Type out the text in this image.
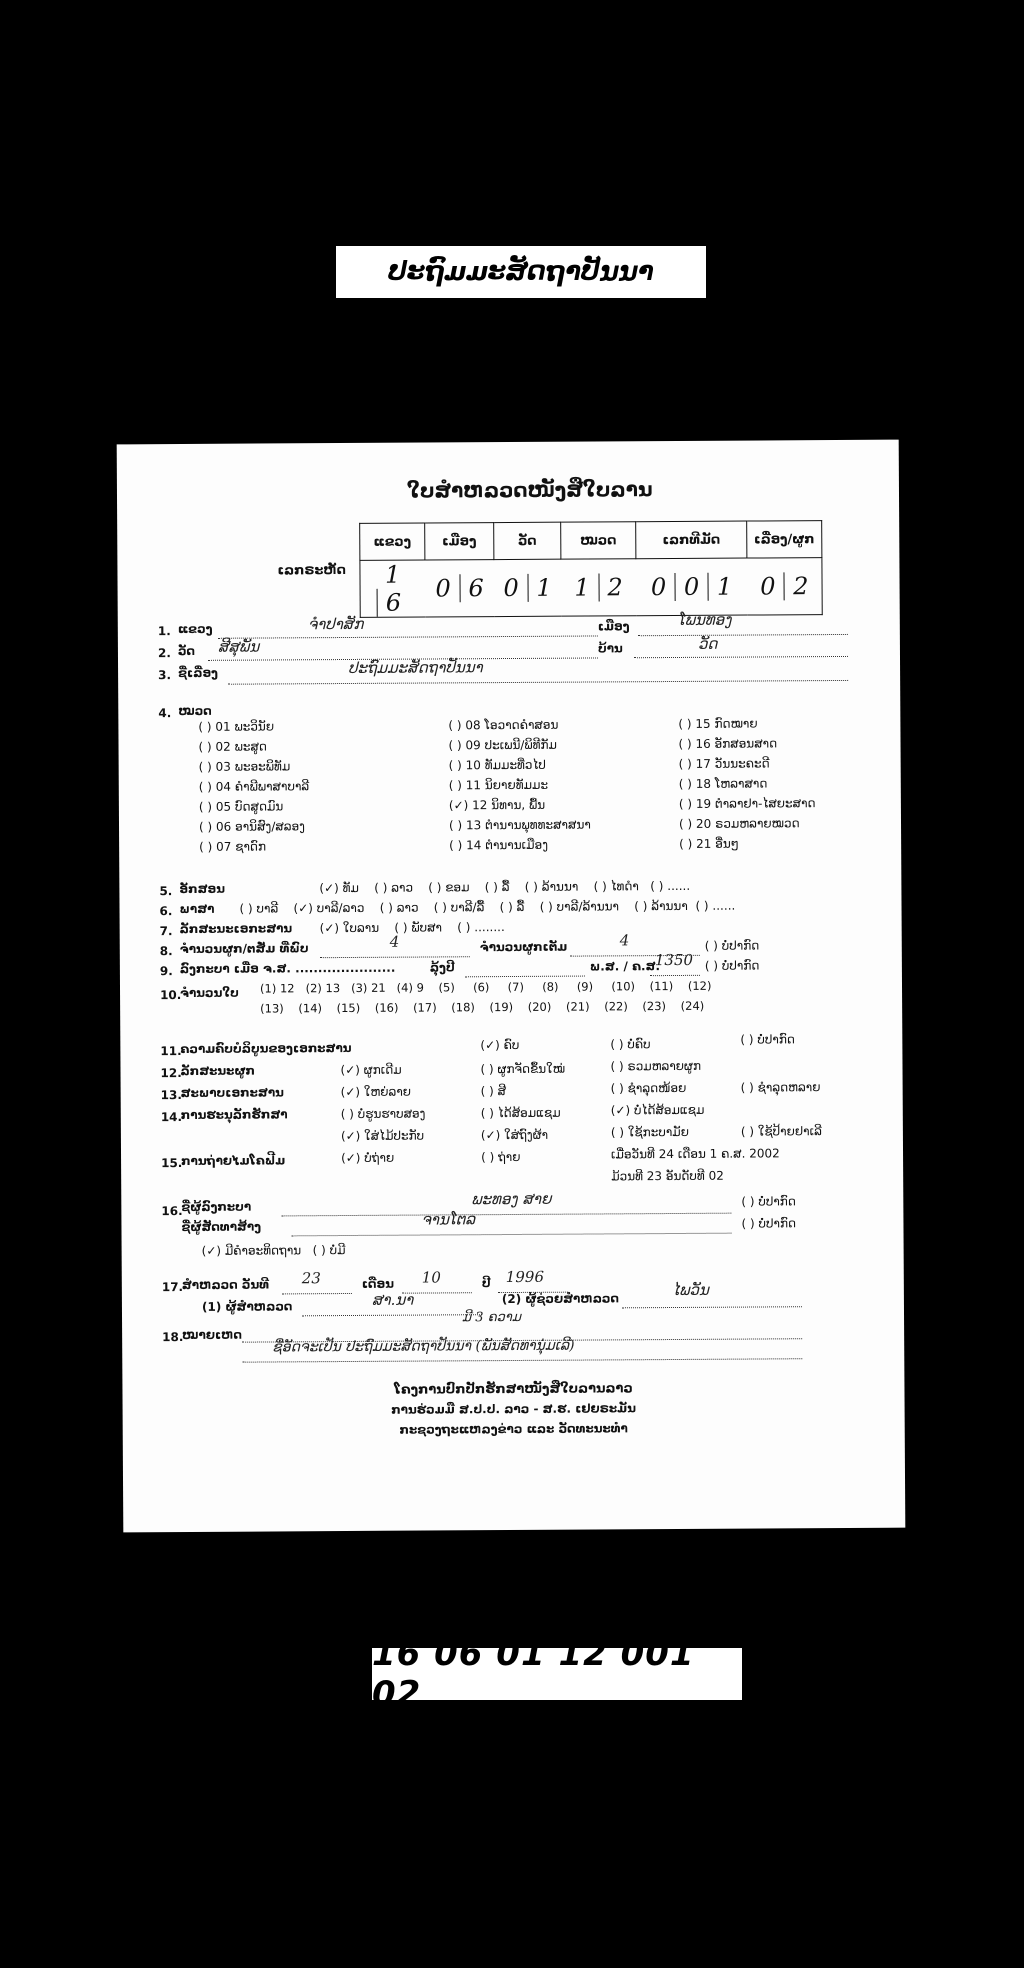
ປະຖົມມະສັດຖາປັນນາ
ໃບສຳຫລວດໜັງສືໃບລານ
ເລກຣະຫັດ
ແຂວງ	ເມືອງ	ວັດ	ໝວດ	ເລກທີມັດ	ເລື່ອງ/ຜູກ
16	0 6	0 1	1 2	0 0 1	0 2
1. ແຂວງ	ຈຳປາສັກ	ເມືອງ	ໂພນທອງ
2. ວັດ ສີສຸພັນ	ບ້ານ	ວັດ
3. ຊື່ເລື່ອງ	ປະຖົມມະສັດຖາປັນນາ
4. ໝວດ
( ) 01 ພະວິນັຍ
( ) 02 ພະສູດ
( ) 03 ພະອະພິທັມ
( ) 04 ຄຳພີພາສາບາລີ
( ) 05 ບົດສູດມົນ
( ) 06 ອານິສົງ/ສລອງ
( ) 07 ຊາດົກ
( ) 08 ໂອວາດຄຳສອນ
( ) 09 ປະເພນີ/ພິທີກັມ
( ) 10 ທັມມະທີ່ວໄປ
( ) 11 ນິຍາຍທັມມະ
(✓) 12 ນິທານ, ພື້ນ
( ) 13 ຕຳນານພຸທທະສາສນາ
( ) 14 ຕຳນານເມືອງ
( ) 15 ກົດໝາຍ
( ) 16 ອັກສອນສາດ
( ) 17 ວັນນະຄະດີ
( ) 18 ໂຫລາສາດ
( ) 19 ຕຳລາຢາ-ໄສຍະສາດ
( ) 20 ຣວມຫລາຍໝວດ
( ) 21 ອື່ນໆ
5. ອັກສອນ	(✓) ທັມ    ( ) ລາວ    ( ) ຂອມ    ( ) ລື້    ( ) ລ້ານນາ    ( ) ໄທດຳ   ( ) ......
6. ພາສາ ( ) ບາລີ    (✓) ບາລີ/ລາວ    ( ) ລາວ    ( ) ບາລີ/ລື້    ( ) ລື້    ( ) ບາລີ/ລ້ານນາ    ( ) ລ້ານນາ  ( ) ......
7. ລັກສະນະເອກະສານ (✓) ໃບລານ    ( ) ພັບສາ    ( ) ........
8. ຈຳນວນຜູກ/ຕສັ່ມ ທີ່ພົບ	4	ຈຳນວນຜູກເຕັມ	4	( ) ບໍ່ປາກົດ
9. ລົງກະບາ ເມື່ອ ຈ.ສ. ......................	ລຸ້ງປີ	ພ.ສ. / ຄ.ສ.
1350 ( ) ບໍ່ປາກົດ
10.
ຈຳນວນໃບ (1) 12   (2) 13   (3) 21   (4) 9    (5)     (6)     (7)     (8)     (9)     (10)    (11)    (12)
(13)    (14)    (15)    (16)    (17)    (18)    (19)    (20)    (21)    (22)    (23)    (24)
11.
ຄວາມຄົບບໍລິບູນຂອງເອກະສານ	(✓) ຄົບ	( ) ບໍ່ຄົບ	( ) ບໍ່ປາກົດ
12.
ລັກສະນະຜູກ	(✓) ຜູກເດີມ	( ) ຜູກຈັດຂຶ້ນໃໝ່	( ) ຣວມຫລາຍຜູກ
13.
ສະພາບເອກະສານ	(✓) ໃຫຍ່ລາຍ	( ) ສີ	( ) ຊຳລຸດໜ້ອຍ	( ) ຊຳລຸດຫລາຍ
14.
ການຮະນຸລັກຮັກສາ	( ) ບໍ່ຮູນຮາບສອງ	( ) ໄດ້ສ້ອມແຊມ	(✓) ບໍ່ໄດ້ສ້ອມແຊມ
(✓) ໃສ່ໄມ້ປະກັບ	(✓) ໃສ່ຖົງຜ້າ	( ) ໃຊ້ກະບາມັຍ	( ) ໃຊ້ປ້າຍຢາເລີ
15.
ການຖ່າຍໄມໂຄຟີມ	(✓) ບໍ່ຖ່າຍ	( ) ຖ່າຍ	ເມື່ອວັນທີ 24 ເດືອນ 1 ຄ.ສ. 2002
ມ້ວນທີ 23 ອັນດັບທີ 02
16.
ຊື່ຜູ້ລົງກະບາ	ພະທອງ ສາຍ	( ) ບໍ່ປາກົດ
ຊື່ຜູ້ສັດທາສ້າງ	ຈານໂຕລ	( ) ບໍ່ປາກົດ
(✓) ມີຄຳອະທິດຖານ   ( ) ບໍ່ມີ
17.
ສຳຫລວດ ວັນທີ 23	ເດືອນ 10	ປີ 1996
(1) ຜູ້ສຳຫລວດ	ສາ.ນາ	(2) ຜູ້ຊ່ວຍສຳຫລວດ	ໄພວັນ
18.
ໝາຍເຫດ
ມີ 3 ຄວາມ
ຊື່ອັດຈະເປັນ ປະຖົມມະສັດຖາປັນນາ (ພັນສັດທານຸ່ມເລີ)
ໂຄງການປົກປັກຮັກສາໜັງສືໃບລານລາວ
ການຮ່ວມມື ສ.ປ.ປ. ລາວ - ສ.ຮ. ເຢຍຣະມັນ
ກະຊວງຖະແຫລງຂ່າວ ແລະ ວັດທະນະທຳ
16 06 01 12 001 02
